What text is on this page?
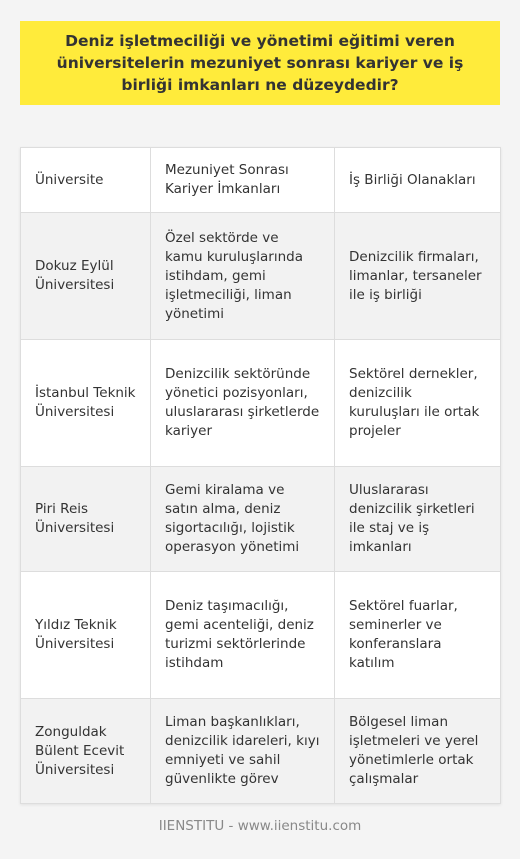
Deniz işletmeciliği ve yönetimi eğitimi veren üniversitelerin mezuniyet sonrası kariyer ve iş birliği imkanları ne düzeydedir?
Üniversite	Mezuniyet Sonrası Kariyer İmkanları	İş Birliği Olanakları
Dokuz Eylül Üniversitesi	Özel sektörde ve kamu kuruluşlarında istihdam, gemi işletmeciliği, liman yönetimi	Denizcilik firmaları, limanlar, tersaneler ile iş birliği
İstanbul Teknik Üniversitesi	Denizcilik sektöründe yönetici pozisyonları, uluslararası şirketlerde kariyer	Sektörel dernekler, denizcilik kuruluşları ile ortak projeler
Piri Reis Üniversitesi	Gemi kiralama ve satın alma, deniz sigortacılığı, lojistik operasyon yönetimi	Uluslararası denizcilik şirketleri ile staj ve iş imkanları
Yıldız Teknik Üniversitesi	Deniz taşımacılığı, gemi acenteliği, deniz turizmi sektörlerinde istihdam	Sektörel fuarlar, seminerler ve konferanslara katılım
Zonguldak Bülent Ecevit Üniversitesi	Liman başkanlıkları, denizcilik idareleri, kıyı emniyeti ve sahil güvenlikte görev	Bölgesel liman işletmeleri ve yerel yönetimlerle ortak çalışmalar
IIENSTITU - www.iienstitu.com
